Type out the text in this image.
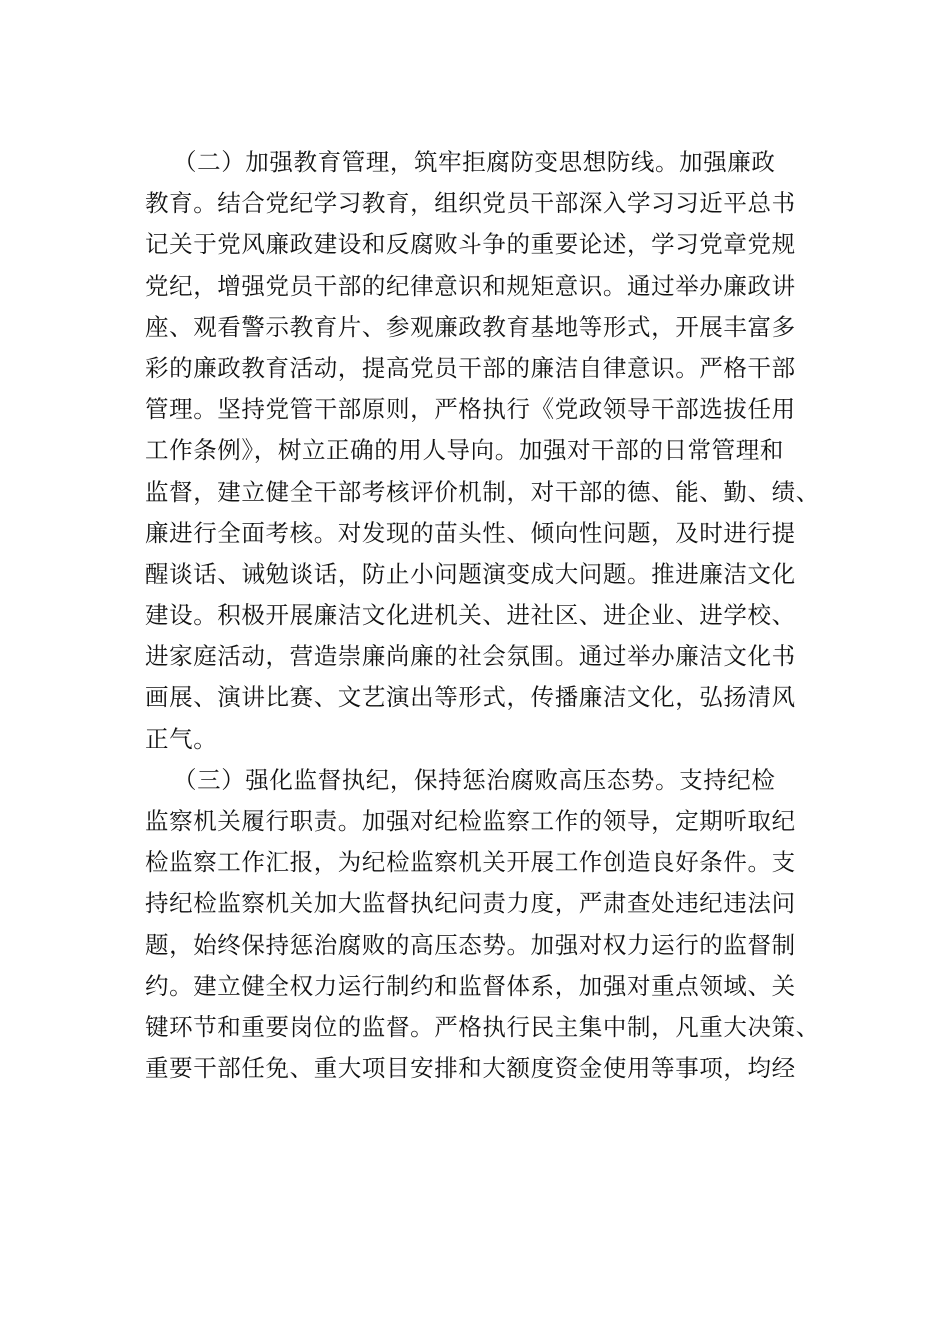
（二）加强教育管理，筑牢拒腐防变思想防线。加强廉政
教育。结合党纪学习教育，组织党员干部深入学习习近平总书
记关于党风廉政建设和反腐败斗争的重要论述，学习党章党规
党纪，增强党员干部的纪律意识和规矩意识。通过举办廉政讲
座、观看警示教育片、参观廉政教育基地等形式，开展丰富多
彩的廉政教育活动，提高党员干部的廉洁自律意识。严格干部
管理。坚持党管干部原则，严格执行《党政领导干部选拔任用
工作条例》，树立正确的用人导向。加强对干部的日常管理和
监督，建立健全干部考核评价机制，对干部的德、能、勤、绩、
廉进行全面考核。对发现的苗头性、倾向性问题，及时进行提
醒谈话、诫勉谈话，防止小问题演变成大问题。推进廉洁文化
建设。积极开展廉洁文化进机关、进社区、进企业、进学校、
进家庭活动，营造崇廉尚廉的社会氛围。通过举办廉洁文化书
画展、演讲比赛、文艺演出等形式，传播廉洁文化，弘扬清风
正气。
（三）强化监督执纪，保持惩治腐败高压态势。支持纪检
监察机关履行职责。加强对纪检监察工作的领导，定期听取纪
检监察工作汇报，为纪检监察机关开展工作创造良好条件。支
持纪检监察机关加大监督执纪问责力度，严肃查处违纪违法问
题，始终保持惩治腐败的高压态势。加强对权力运行的监督制
约。建立健全权力运行制约和监督体系，加强对重点领域、关
键环节和重要岗位的监督。严格执行民主集中制，凡重大决策、
重要干部任免、重大项目安排和大额度资金使用等事项，均经
